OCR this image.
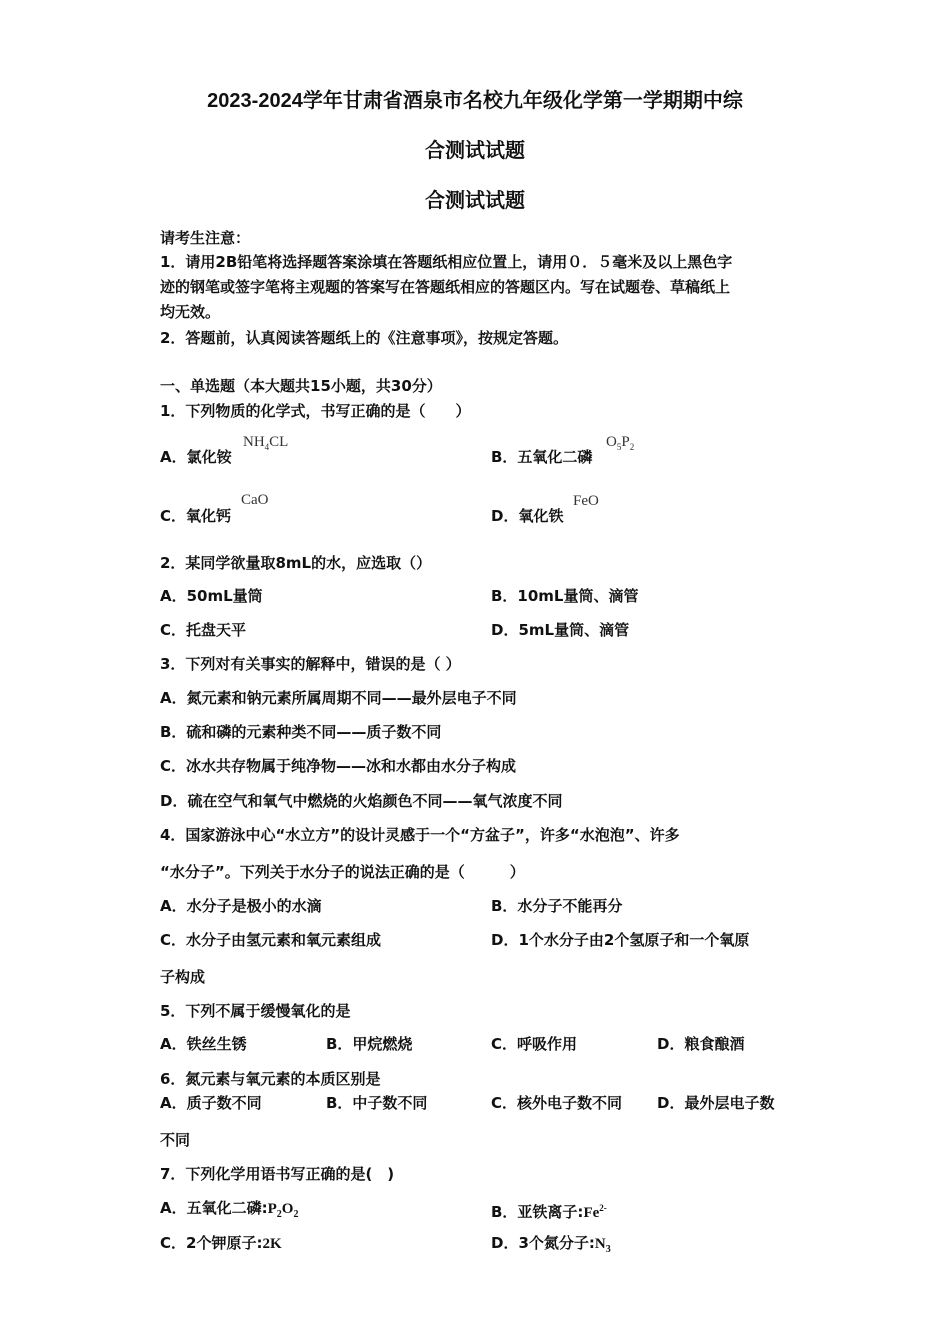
2023-2024学年甘肃省酒泉市名校九年级化学第一学期期中综
合测试试题
合测试试题
请考生注意：
1．请用2B铅笔将选择题答案涂填在答题纸相应位置上，请用０．５毫米及以上黑色字
迹的钢笔或签字笔将主观题的答案写在答题纸相应的答题区内。写在试题卷、草稿纸上
均无效。
2．答题前，认真阅读答题纸上的《注意事项》，按规定答题。
一、单选题（本大题共15小题，共30分）
1．下列物质的化学式，书写正确的是（　　）
A．氯化铵
$NH_4CL$
B．五氧化二磷
$O_5P_2$
C．氧化钙
CaO
D．氧化铁
FeO
2．某同学欲量取8mL的水，应选取（）
A．50mL量筒	B．10mL量筒、滴管
C．托盘天平	D．5mL量筒、滴管
3．下列对有关事实的解释中，错误的是（ ）
A．氮元素和钠元素所属周期不同——最外层电子不同
B．硫和磷的元素种类不同——质子数不同
C．冰水共存物属于纯净物——冰和水都由水分子构成
D．硫在空气和氧气中燃烧的火焰颜色不同——氧气浓度不同
4．国家游泳中心“水立方”的设计灵感于一个“方盆子”，许多“水泡泡”、许多
“水分子”。下列关于水分子的说法正确的是（　　　）
A．水分子是极小的水滴	B．水分子不能再分
C．水分子由氢元素和氧元素组成	D．1个水分子由2个氢原子和一个氧原
子构成
5．下列不属于缓慢氧化的是
A．铁丝生锈	B．甲烷燃烧	C．呼吸作用	D．粮食酿酒
6．氮元素与氧元素的本质区别是
A．质子数不同	B．中子数不同	C．核外电子数不同 D．最外层电子数
不同
7．下列化学用语书写正确的是(　)
A．五氧化二磷$:P_2O_2$	B．亚铁离子$:Fe^{2-}$
C．2个钾原子:2K	D．3个氮分子$:N_3$
